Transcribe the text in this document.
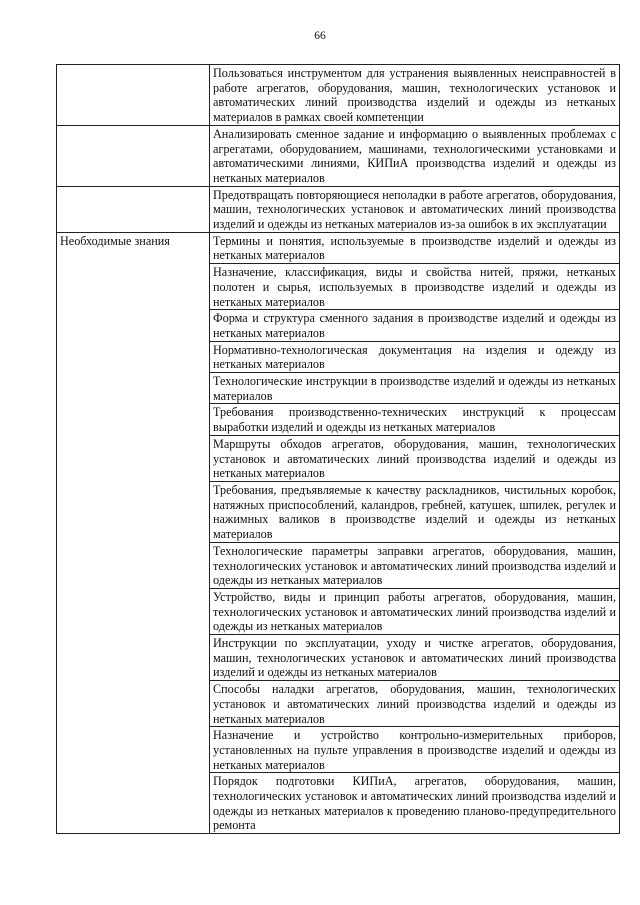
66
	Пользоваться инструментом для устранения выявленных неисправностей в работе агрегатов, оборудования, машин, технологических установок и автоматических линий производства изделий и одежды из нетканых материалов в рамках своей компетенции
	Анализировать сменное задание и информацию о выявленных проблемах с агрегатами, оборудованием, машинами, технологическими установками и автоматическими линиями, КИПиА производства изделий и одежды из нетканых материалов
	Предотвращать повторяющиеся неполадки в работе агрегатов, оборудования, машин, технологических установок и автоматических линий производства изделий и одежды из нетканых материалов из-за ошибок в их эксплуатации
Необходимые знания	Термины и понятия, используемые в производстве изделий и одежды из нетканых материалов
	Назначение, классификация, виды и свойства нитей, пряжи, нетканых полотен и сырья, используемых в производстве изделий и одежды из нетканых материалов
	Форма и структура сменного задания в производстве изделий и одежды из нетканых материалов
	Нормативно-технологическая документация на изделия и одежду из нетканых материалов
	Технологические инструкции в производстве изделий и одежды из нетканых материалов
	Требования производственно-технических инструкций к процессам выработки изделий и одежды из нетканых материалов
	Маршруты обходов агрегатов, оборудования, машин, технологических установок и автоматических линий производства изделий и одежды из нетканых материалов
	Требования, предъявляемые к качеству раскладников, чистильных коробок, натяжных приспособлений, каландров, гребней, катушек, шпилек, регулек и нажимных валиков в производстве изделий и одежды из нетканых материалов
	Технологические параметры заправки агрегатов, оборудования, машин, технологических установок и автоматических линий производства изделий и одежды из нетканых материалов
	Устройство, виды и принцип работы агрегатов, оборудования, машин, технологических установок и автоматических линий производства изделий и одежды из нетканых материалов
	Инструкции по эксплуатации, уходу и чистке агрегатов, оборудования, машин, технологических установок и автоматических линий производства изделий и одежды из нетканых материалов
	Способы наладки агрегатов, оборудования, машин, технологических установок и автоматических линий производства изделий и одежды из нетканых материалов
	Назначение и устройство контрольно-измерительных приборов, установленных на пульте управления в производстве изделий и одежды из нетканых материалов
	Порядок подготовки КИПиА, агрегатов, оборудования, машин, технологических установок и автоматических линий производства изделий и одежды из нетканых материалов к проведению планово-предупредительного ремонта
